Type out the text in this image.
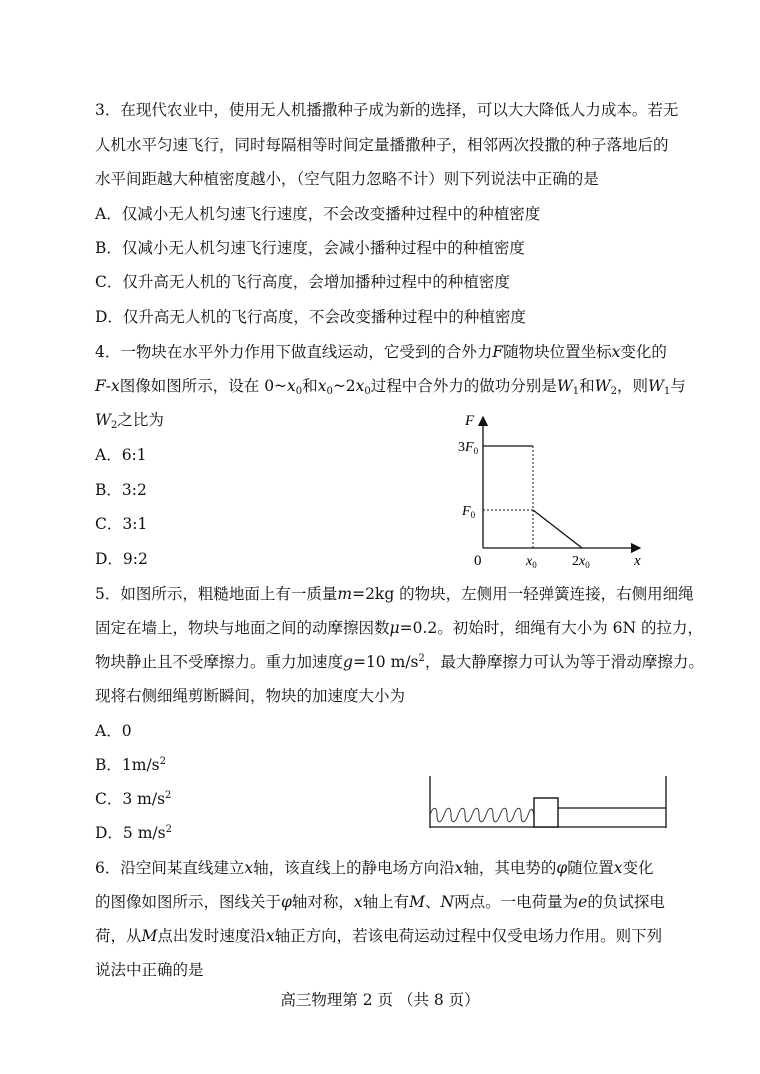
3．在现代农业中，使用无人机播撒种子成为新的选择，可以大大降低人力成本。若无
人机水平匀速飞行，同时每隔相等时间定量播撒种子，相邻两次投撒的种子落地后的
水平间距越大种植密度越小，（空气阻力忽略不计）则下列说法中正确的是
A．仅减小无人机匀速飞行速度，不会改变播种过程中的种植密度
B．仅减小无人机匀速飞行速度，会减小播种过程中的种植密度
C．仅升高无人机的飞行高度，会增加播种过程中的种植密度
D．仅升高无人机的飞行高度，不会改变播种过程中的种植密度
4．一物块在水平外力作用下做直线运动，它受到的合外力F随物块位置坐标x变化的
F-x图像如图所示，设在 $0\sim x_0$和$x_0\sim 2x_0$过程中合外力的做功分别是$W_1$和$W_2$，则$W_1$与
$W_2$之比为
A．6:1
B．3:2
C．3:1
D．9:2
F
x
0
$3F_0$
$F_0$
$x_0$	$2x_0$
5．如图所示，粗糙地面上有一质量m=2kg 的物块，左侧用一轻弹簧连接，右侧用细绳
固定在墙上，物块与地面之间的动摩擦因数μ=0.2。初始时，细绳有大小为 6N 的拉力，
物块静止且不受摩擦力。重力加速度g=10 $m/s^2$，最大静摩擦力可认为等于滑动摩擦力。
现将右侧细绳剪断瞬间，物块的加速度大小为
A．0
B．$1m/s^2$
C．3 $m/s^2$
D．5 $m/s^2$
6．沿空间某直线建立x轴，该直线上的静电场方向沿x轴，其电势的φ随位置x变化
的图像如图所示，图线关于φ轴对称，x轴上有M、N两点。一电荷量为e的负试探电
荷，从M点出发时速度沿x轴正方向，若该电荷运动过程中仅受电场力作用。则下列
说法中正确的是
高三物理第 2 页 （共 8 页）
